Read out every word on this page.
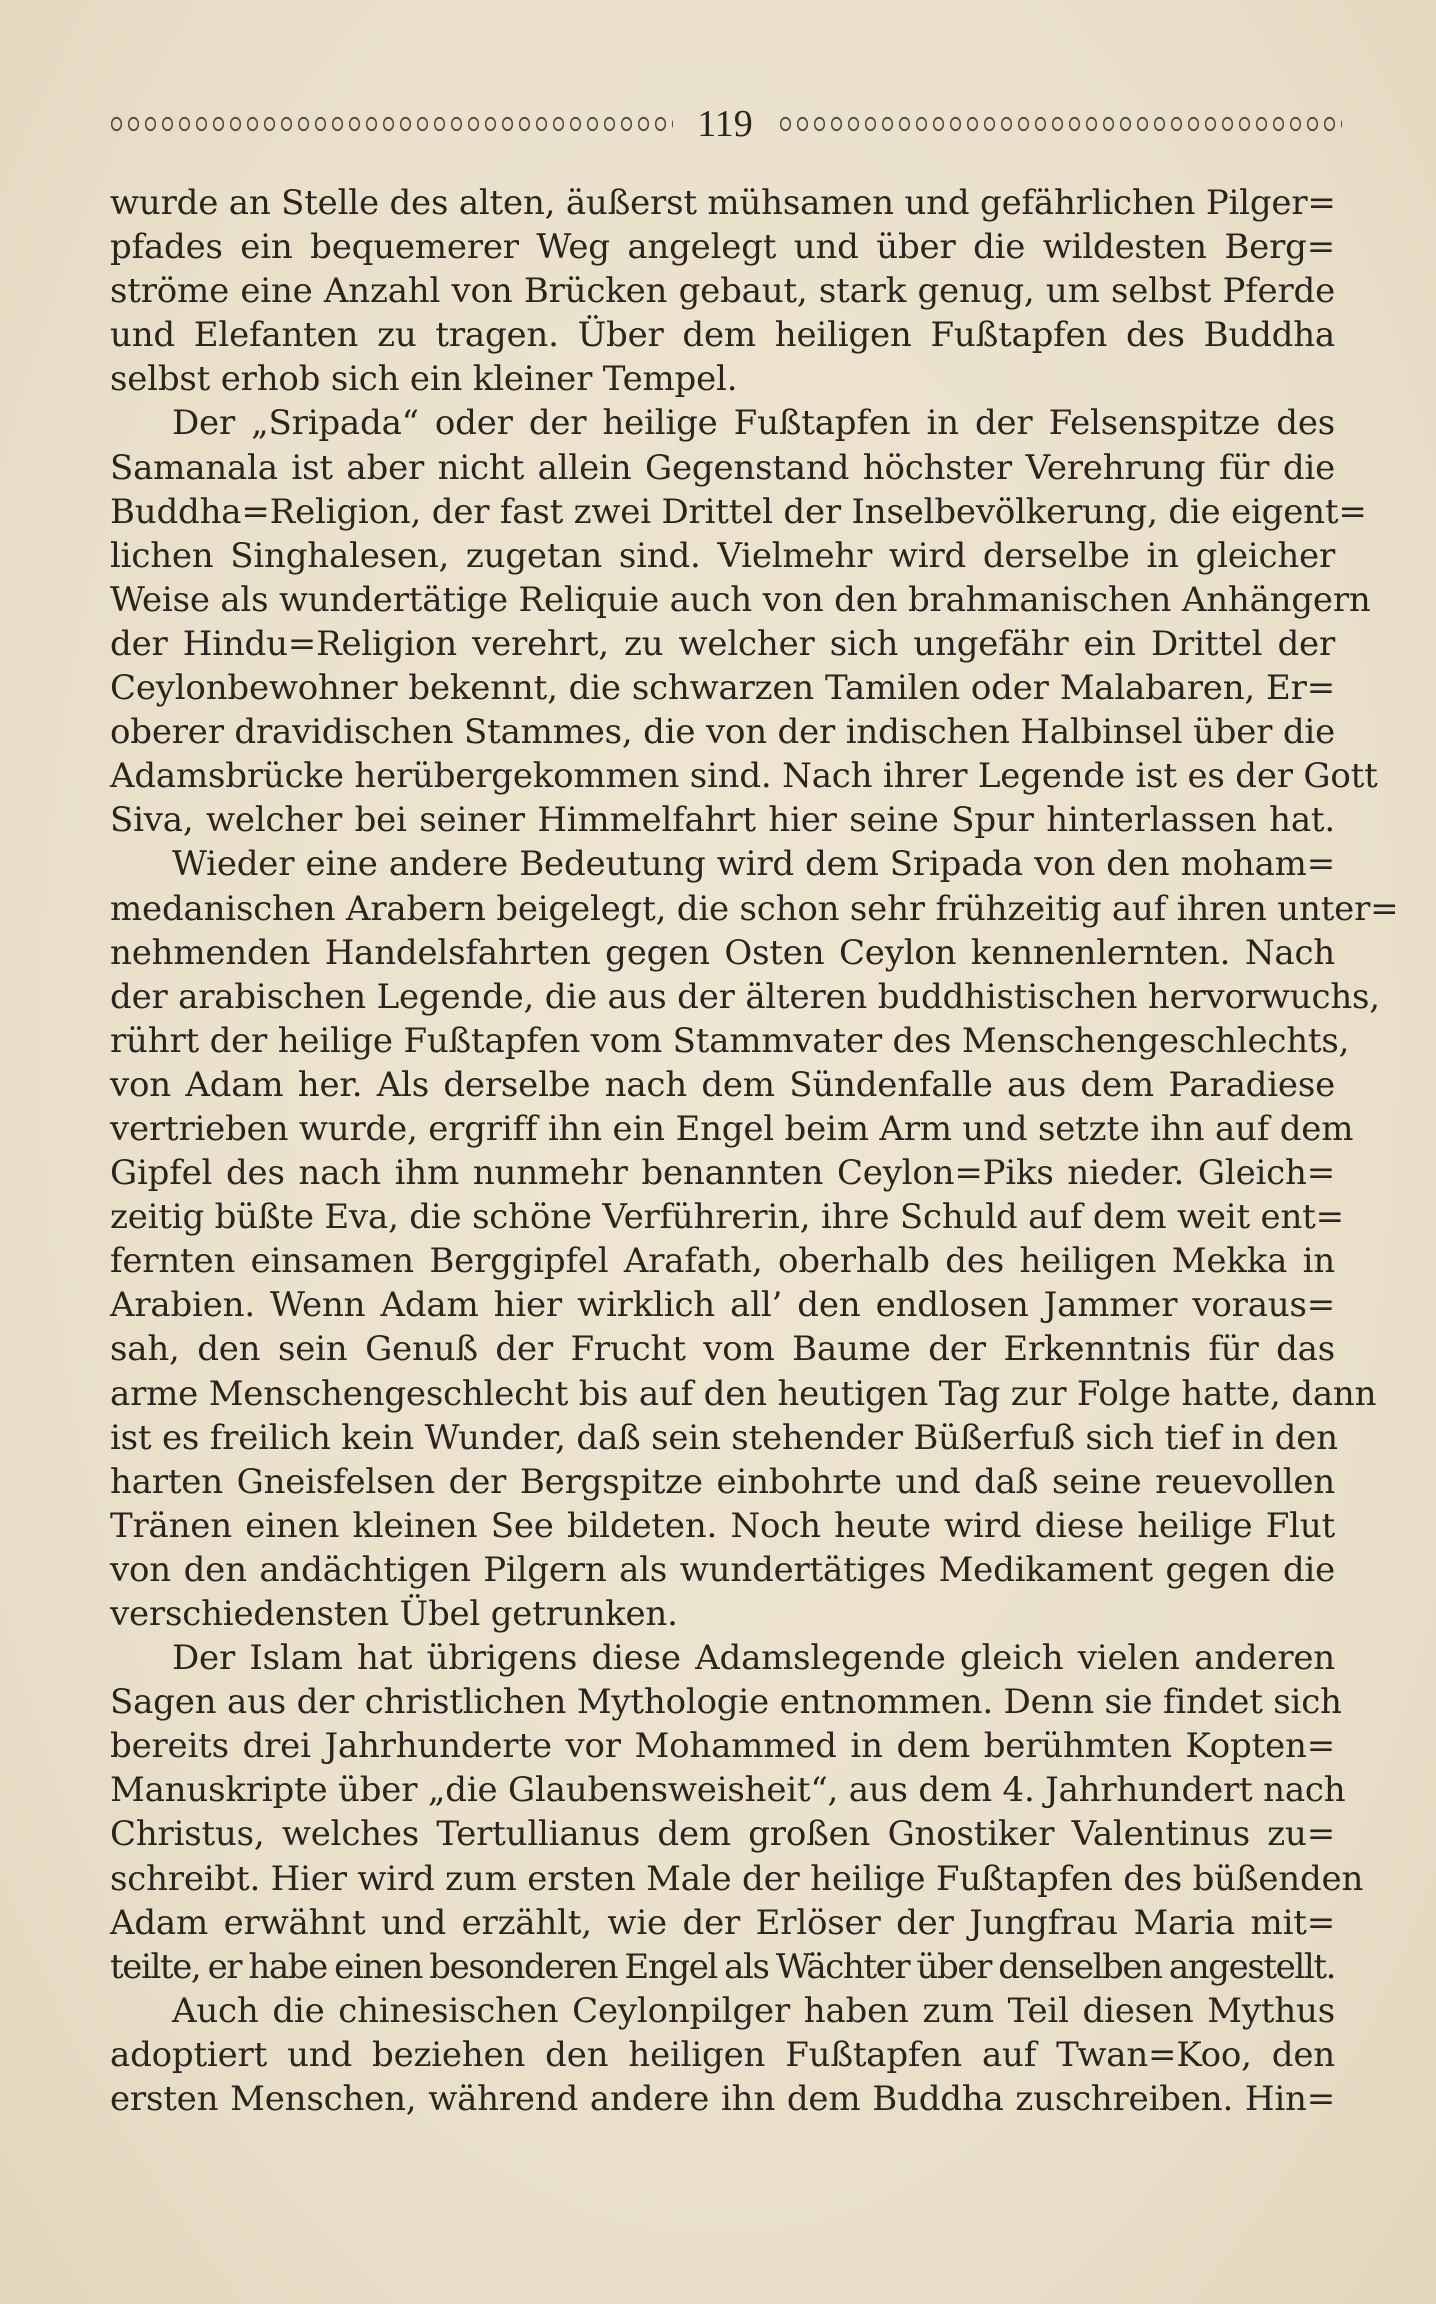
119
wurde an Stelle des alten, äußerst mühsamen und gefährlichen Pilger=
pfades ein bequemerer Weg angelegt und über die wildesten Berg=
ströme eine Anzahl von Brücken gebaut, stark genug, um selbst Pferde
und Elefanten zu tragen. Über dem heiligen Fußtapfen des Buddha
selbst erhob sich ein kleiner Tempel.
Der „Sripada“ oder der heilige Fußtapfen in der Felsenspitze des
Samanala ist aber nicht allein Gegenstand höchster Verehrung für die
Buddha=Religion, der fast zwei Drittel der Inselbevölkerung, die eigent=
lichen Singhalesen, zugetan sind. Vielmehr wird derselbe in gleicher
Weise als wundertätige Reliquie auch von den brahmanischen Anhängern
der Hindu=Religion verehrt, zu welcher sich ungefähr ein Drittel der
Ceylonbewohner bekennt, die schwarzen Tamilen oder Malabaren, Er=
oberer dravidischen Stammes, die von der indischen Halbinsel über die
Adamsbrücke herübergekommen sind. Nach ihrer Legende ist es der Gott
Siva, welcher bei seiner Himmelfahrt hier seine Spur hinterlassen hat.
Wieder eine andere Bedeutung wird dem Sripada von den moham=
medanischen Arabern beigelegt, die schon sehr frühzeitig auf ihren unter=
nehmenden Handelsfahrten gegen Osten Ceylon kennenlernten. Nach
der arabischen Legende, die aus der älteren buddhistischen hervorwuchs,
rührt der heilige Fußtapfen vom Stammvater des Menschengeschlechts,
von Adam her. Als derselbe nach dem Sündenfalle aus dem Paradiese
vertrieben wurde, ergriff ihn ein Engel beim Arm und setzte ihn auf dem
Gipfel des nach ihm nunmehr benannten Ceylon=Piks nieder. Gleich=
zeitig büßte Eva, die schöne Verführerin, ihre Schuld auf dem weit ent=
fernten einsamen Berggipfel Arafath, oberhalb des heiligen Mekka in
Arabien. Wenn Adam hier wirklich all’ den endlosen Jammer voraus=
sah, den sein Genuß der Frucht vom Baume der Erkenntnis für das
arme Menschengeschlecht bis auf den heutigen Tag zur Folge hatte, dann
ist es freilich kein Wunder, daß sein stehender Büßerfuß sich tief in den
harten Gneisfelsen der Bergspitze einbohrte und daß seine reuevollen
Tränen einen kleinen See bildeten. Noch heute wird diese heilige Flut
von den andächtigen Pilgern als wundertätiges Medikament gegen die
verschiedensten Übel getrunken.
Der Islam hat übrigens diese Adamslegende gleich vielen anderen
Sagen aus der christlichen Mythologie entnommen. Denn sie findet sich
bereits drei Jahrhunderte vor Mohammed in dem berühmten Kopten=
Manuskripte über „die Glaubensweisheit“, aus dem 4. Jahrhundert nach
Christus, welches Tertullianus dem großen Gnostiker Valentinus zu=
schreibt. Hier wird zum ersten Male der heilige Fußtapfen des büßenden
Adam erwähnt und erzählt, wie der Erlöser der Jungfrau Maria mit=
teilte, er habe einen besonderen Engel als Wächter über denselben angestellt.
Auch die chinesischen Ceylonpilger haben zum Teil diesen Mythus
adoptiert und beziehen den heiligen Fußtapfen auf Twan=Koo, den
ersten Menschen, während andere ihn dem Buddha zuschreiben. Hin=
